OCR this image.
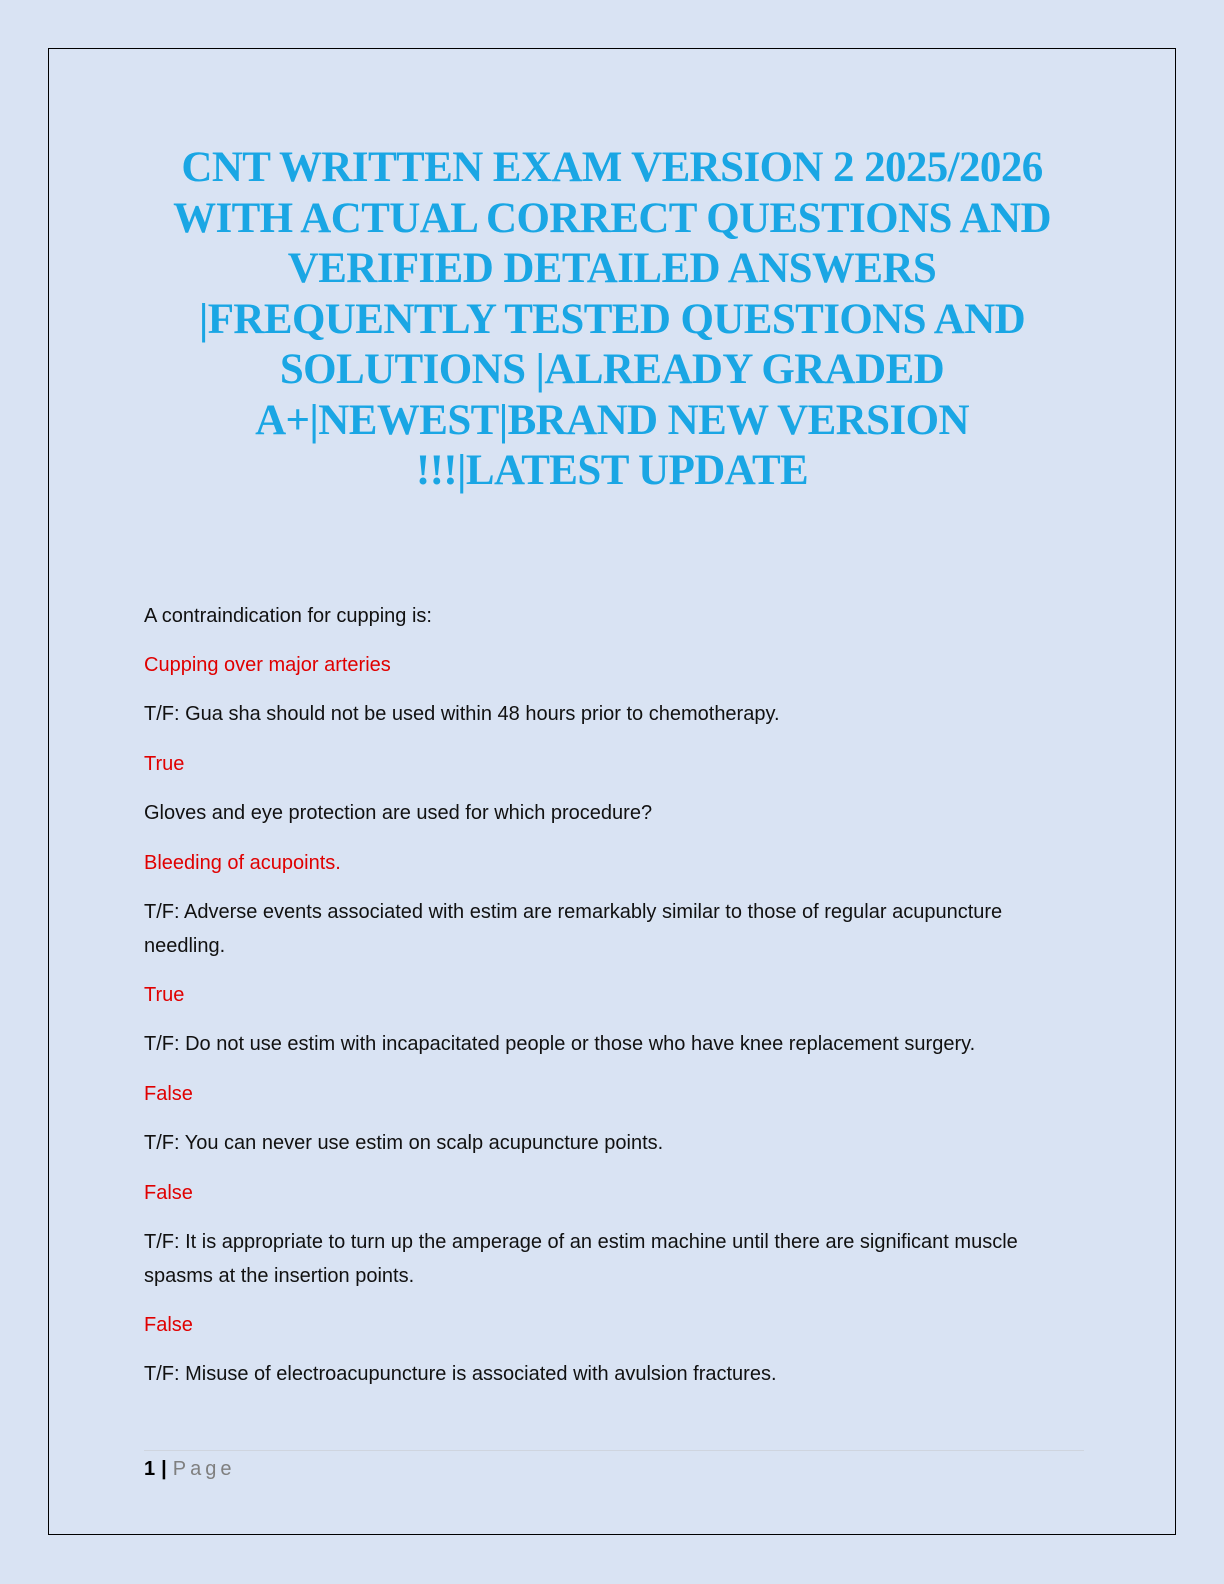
CNT WRITTEN EXAM VERSION 2 2025/2026
WITH ACTUAL CORRECT QUESTIONS AND
VERIFIED DETAILED ANSWERS
|FREQUENTLY TESTED QUESTIONS AND
SOLUTIONS |ALREADY GRADED
A+|NEWEST|BRAND NEW VERSION
!!!|LATEST UPDATE

A contraindication for cupping is:

Cupping over major arteries

T/F: Gua sha should not be used within 48 hours prior to chemotherapy.

True

Gloves and eye protection are used for which procedure?

Bleeding of acupoints.

T/F: Adverse events associated with estim are remarkably similar to those of regular acupuncture needling.

True

T/F: Do not use estim with incapacitated people or those who have knee replacement surgery.

False

T/F: You can never use estim on scalp acupuncture points.

False

T/F: It is appropriate to turn up the amperage of an estim machine until there are significant muscle spasms at the insertion points.

False

T/F: Misuse of electroacupuncture is associated with avulsion fractures.

1 | Page
